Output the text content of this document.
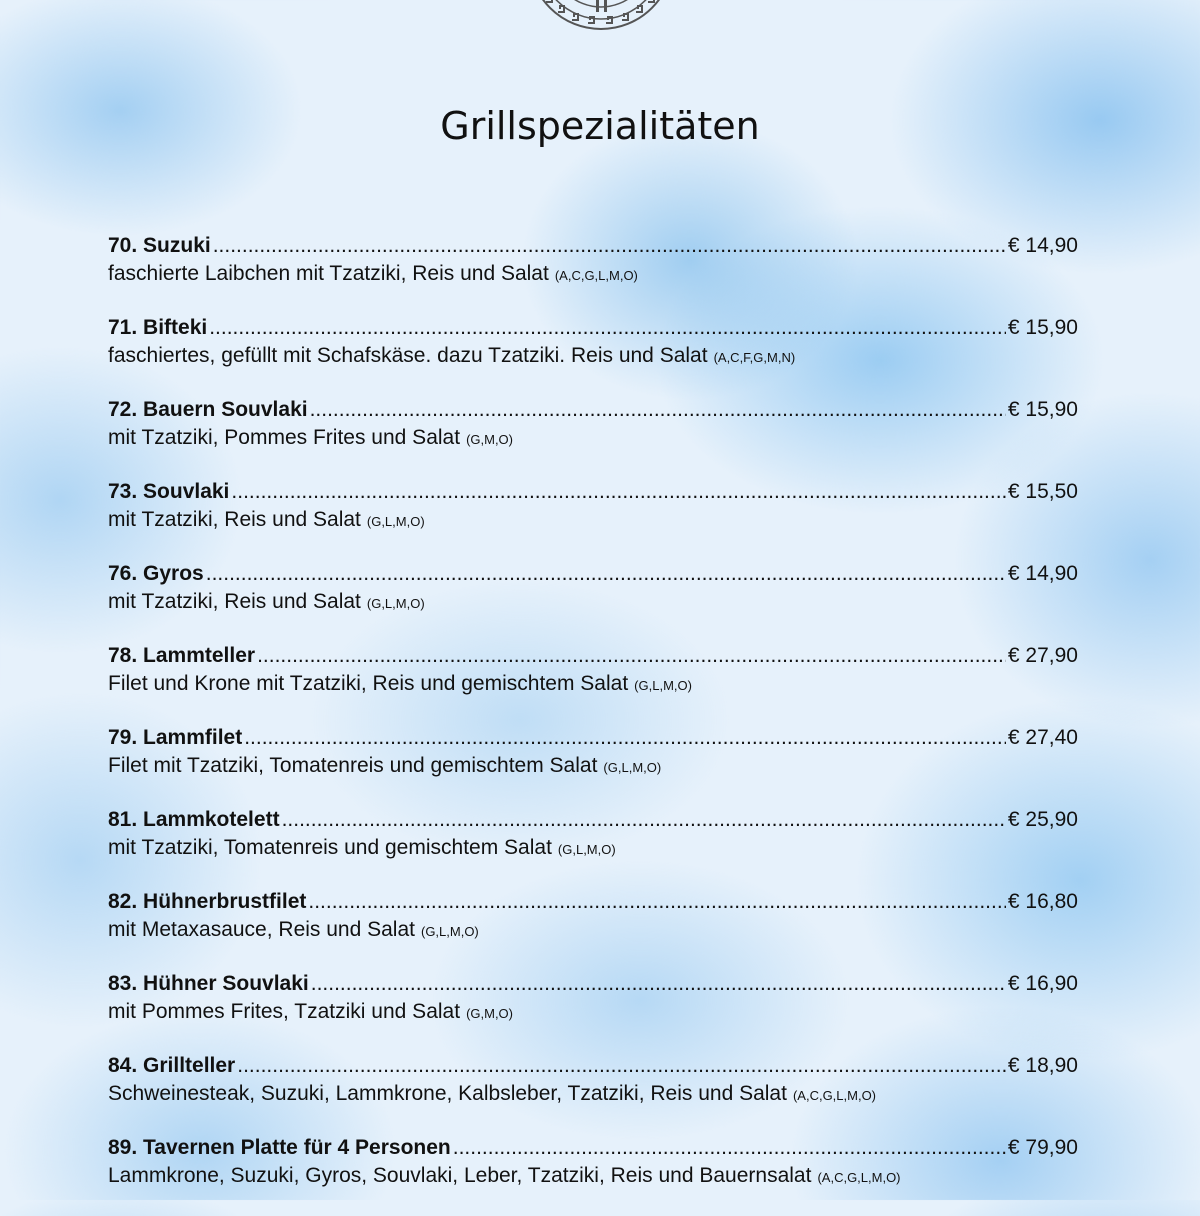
Grillspezialitäten
70. Suzuki .....	€ 14,90
faschierte Laibchen mit Tzatziki, Reis und Salat (A,C,G,L,M,O)
71. Bifteki .....	€ 15,90
faschiertes, gefüllt mit Schafskäse. dazu Tzatziki. Reis und Salat (A,C,F,G,M,N)
72. Bauern Souvlaki .....	€ 15,90
mit Tzatziki, Pommes Frites und Salat (G,M,O)
73. Souvlaki .....	€ 15,50
mit Tzatziki, Reis und Salat (G,L,M,O)
76. Gyros .....	€ 14,90
mit Tzatziki, Reis und Salat (G,L,M,O)
78. Lammteller .....	€ 27,90
Filet und Krone mit Tzatziki, Reis und gemischtem Salat (G,L,M,O)
79. Lammfilet .....	€ 27,40
Filet mit Tzatziki, Tomatenreis und gemischtem Salat (G,L,M,O)
81. Lammkotelett .....	€ 25,90
mit Tzatziki, Tomatenreis und gemischtem Salat (G,L,M,O)
82. Hühnerbrustfilet .....	€ 16,80
mit Metaxasauce, Reis und Salat (G,L,M,O)
83. Hühner Souvlaki .....	€ 16,90
mit Pommes Frites, Tzatziki und Salat (G,M,O)
84. Grillteller .....	€ 18,90
Schweinesteak, Suzuki, Lammkrone, Kalbsleber, Tzatziki, Reis und Salat (A,C,G,L,M,O)
89. Tavernen Platte für 4 Personen .....	€ 79,90
Lammkrone, Suzuki, Gyros, Souvlaki, Leber, Tzatziki, Reis und Bauernsalat (A,C,G,L,M,O)
